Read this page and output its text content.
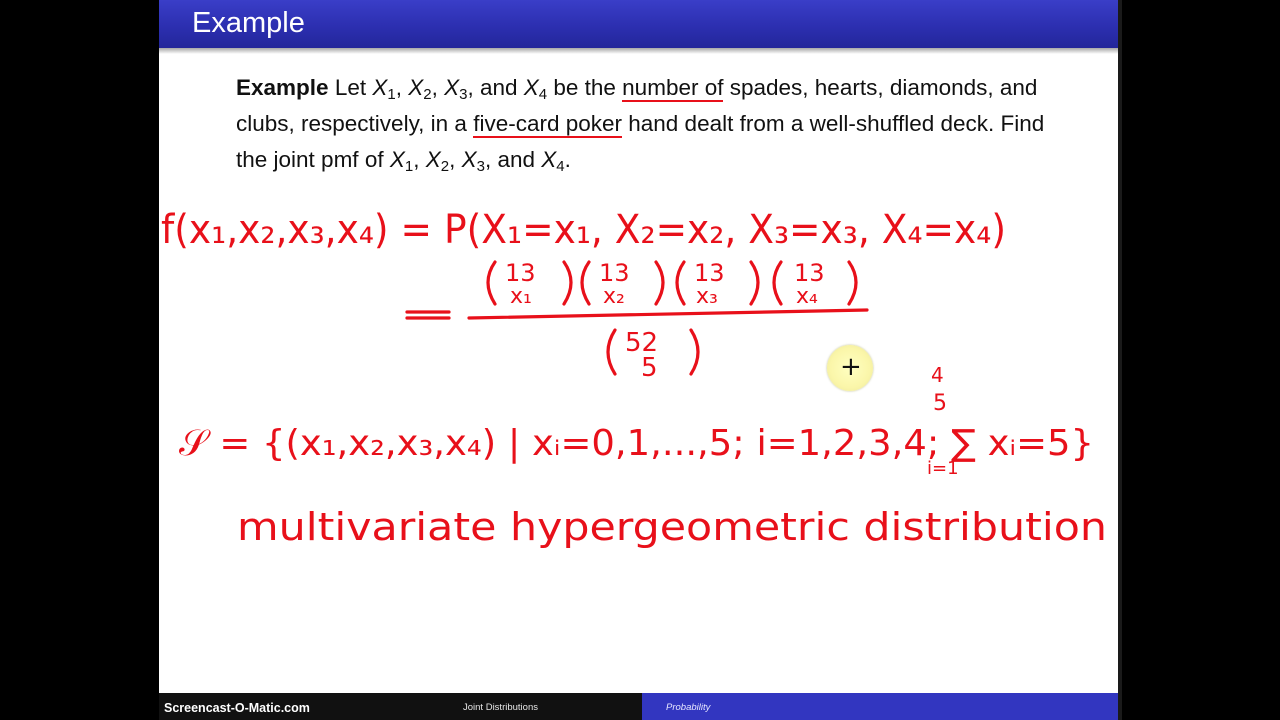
Example
Example Let $X_1$, $X_2$, $X_3$, and $X_4$ be the number of spades, hearts, diamonds, and clubs, respectively, in a five-card poker hand dealt from a well-shuffled deck. Find the joint pmf of $X_1$, $X_2$, $X_3$, and $X_4$.
f(x₁,x₂,x₃,x₄) = P(X₁=x₁, X₂=x₂, X₃=x₃, X₄=x₄)
13
x₁
13
x₂
13
x₃
13
x₄
52
5
𝒮 = {(x₁,x₂,x₃,x₄) | xᵢ=0,1,...,5; i=1,2,3,4; ∑ xᵢ=5}
4
5
i=1
multivariate hypergeometric distribution
+
Screencast-O-Matic.com	Joint Distributions	Probability
